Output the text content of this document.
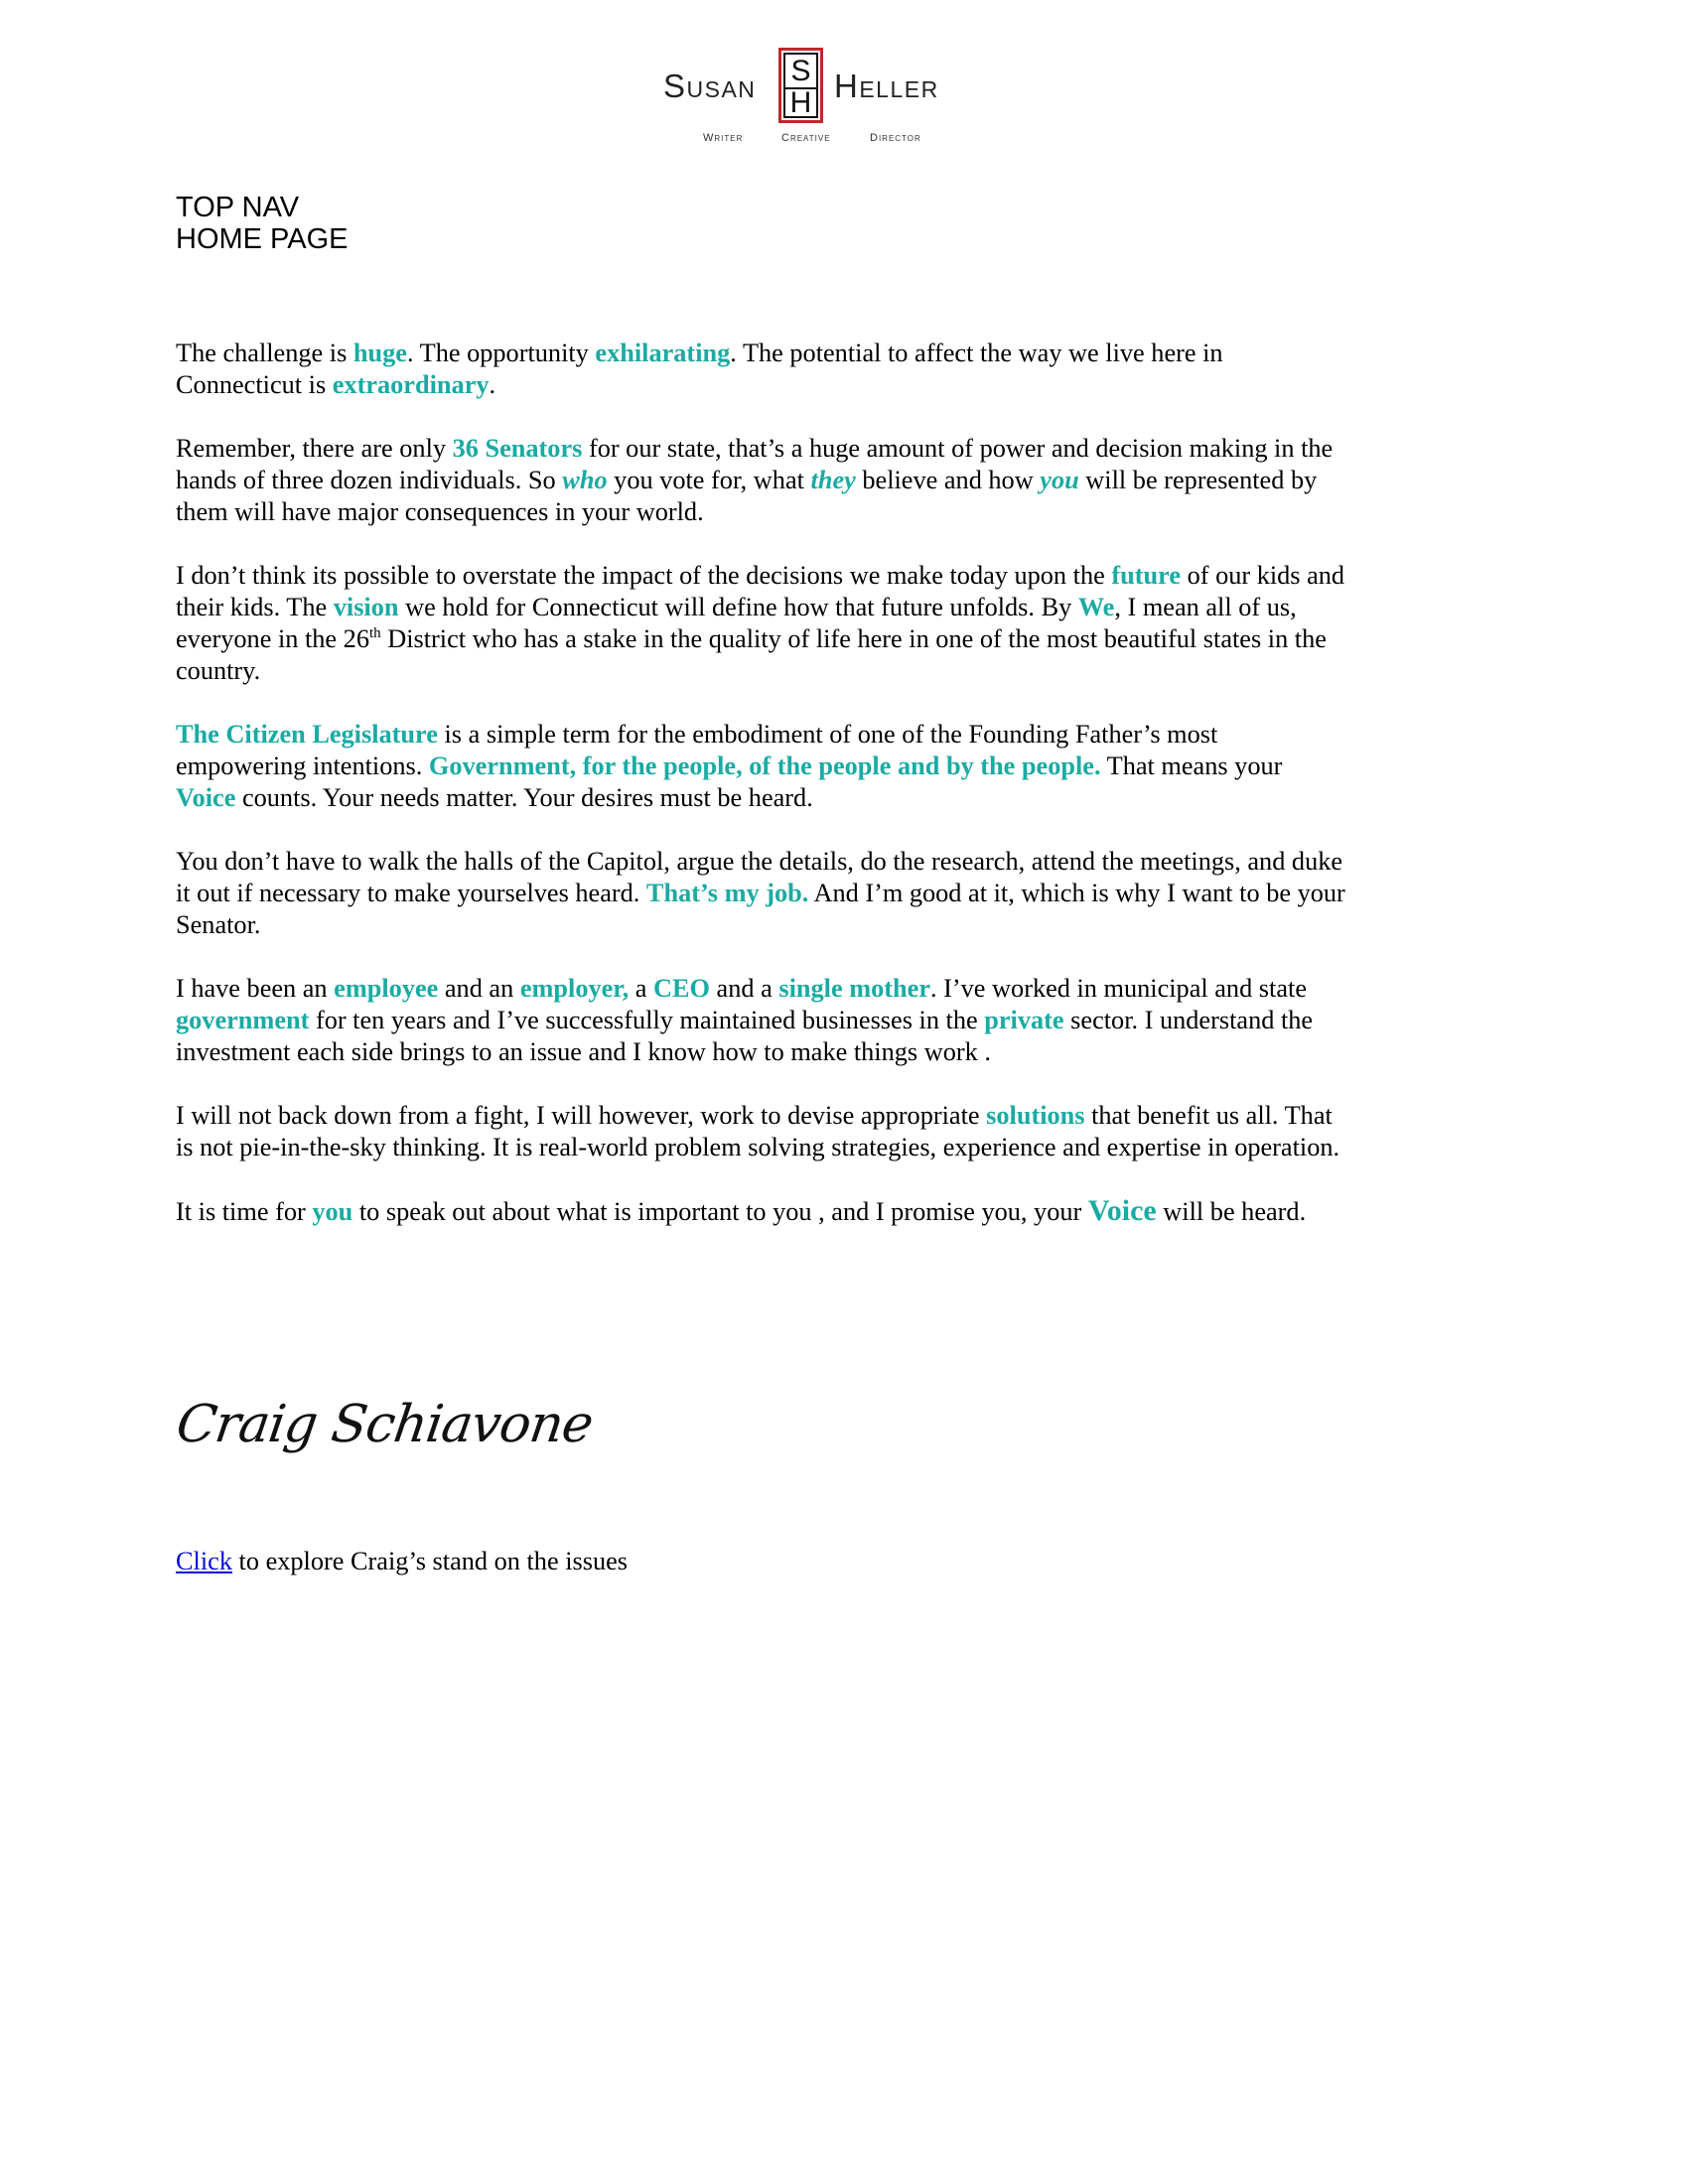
Susan S
H Heller
Writer	Creative	Director
TOP NAV
HOME PAGE

The challenge is huge. The opportunity exhilarating. The potential to affect the way we live here in Connecticut is extraordinary.

Remember, there are only 36 Senators for our state, that’s a huge amount of power and decision making in the hands of three dozen individuals. So who you vote for, what they believe and how you will be represented by them will have major consequences in your world.

I don’t think its possible to overstate the impact of the decisions we make today upon the future of our kids and their kids. The vision we hold for Connecticut will define how that future unfolds. By We, I mean all of us, everyone in the 26th District who has a stake in the quality of life here in one of the most beautiful states in the country.

The Citizen Legislature is a simple term for the embodiment of one of the Founding Father’s most empowering intentions. Government, for the people, of the people and by the people. That means your Voice counts. Your needs matter. Your desires must be heard.

You don’t have to walk the halls of the Capitol, argue the details, do the research, attend the meetings, and duke it out if necessary to make yourselves heard. That’s my job. And I’m good at it, which is why I want to be your Senator.

I have been an employee and an employer, a CEO and a single mother. I’ve worked in municipal and state government for ten years and I’ve successfully maintained businesses in the private sector. I understand the investment each side brings to an issue and I know how to make things work .

I will not back down from a fight, I will however, work to devise appropriate solutions that benefit us all. That is not pie-in-the-sky thinking. It is real-world problem solving strategies, experience and expertise in operation.

It is time for you to speak out about what is important to you , and I promise you, your Voice will be heard.

Craig Schiavone
Click to explore Craig’s stand on the issues
